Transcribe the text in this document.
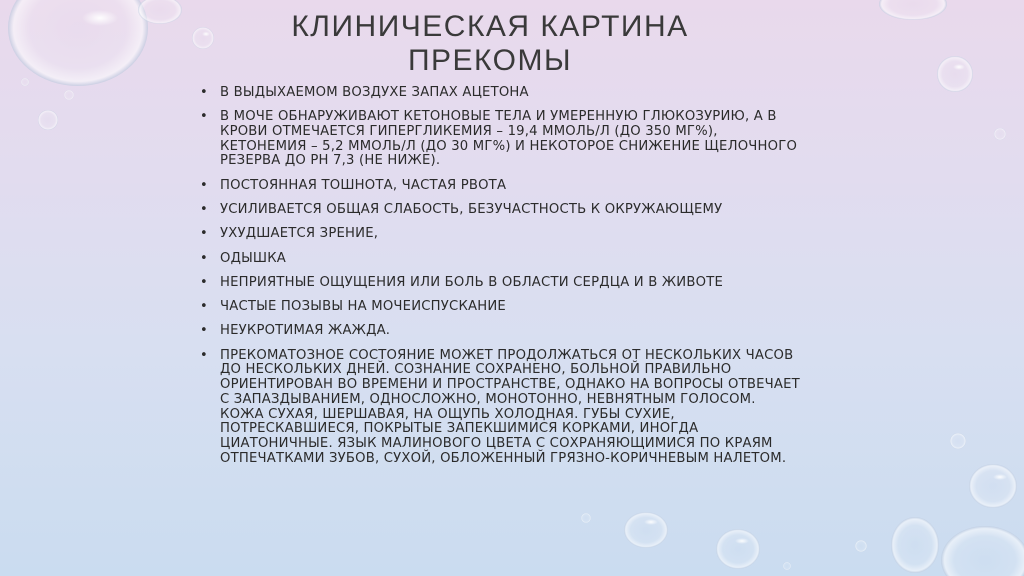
КЛИНИЧЕСКАЯ КАРТИНА
ПРЕКОМЫ
• В ВЫДЫХАЕМОМ ВОЗДУХЕ ЗАПАХ АЦЕТОНА
• В МОЧЕ ОБНАРУЖИВАЮТ КЕТОНОВЫЕ ТЕЛА И УМЕРЕННУЮ ГЛЮКОЗУРИЮ, А В КРОВИ ОТМЕЧАЕТСЯ ГИПЕРГЛИКЕМИЯ – 19,4 ММОЛЬ/Л (ДО 350 МГ%), КЕТОНЕМИЯ – 5,2 ММОЛЬ/Л (ДО 30 МГ%) И НЕКОТОРОЕ СНИЖЕНИЕ ЩЕЛОЧНОГО РЕЗЕРВА ДО PH 7,3 (НЕ НИЖЕ).
• ПОСТОЯННАЯ ТОШНОТА, ЧАСТАЯ РВОТА
• УСИЛИВАЕТСЯ ОБЩАЯ СЛАБОСТЬ, БЕЗУЧАСТНОСТЬ К ОКРУЖАЮЩЕМУ
• УХУДШАЕТСЯ ЗРЕНИЕ,
• ОДЫШКА
• НЕПРИЯТНЫЕ ОЩУЩЕНИЯ ИЛИ БОЛЬ В ОБЛАСТИ СЕРДЦА И В ЖИВОТЕ
• ЧАСТЫЕ ПОЗЫВЫ НА МОЧЕИСПУСКАНИЕ
• НЕУКРОТИМАЯ ЖАЖДА.
• ПРЕКОМАТОЗНОЕ СОСТОЯНИЕ МОЖЕТ ПРОДОЛЖАТЬСЯ ОТ НЕСКОЛЬКИХ ЧАСОВ ДО НЕСКОЛЬКИХ ДНЕЙ. СОЗНАНИЕ СОХРАНЕНО, БОЛЬНОЙ ПРАВИЛЬНО ОРИЕНТИРОВАН ВО ВРЕМЕНИ И ПРОСТРАНСТВЕ, ОДНАКО НА ВОПРОСЫ ОТВЕЧАЕТ С ЗАПАЗДЫВАНИЕМ, ОДНОСЛОЖНО, МОНОТОННО, НЕВНЯТНЫМ ГОЛОСОМ. КОЖА СУХАЯ, ШЕРШАВАЯ, НА ОЩУПЬ ХОЛОДНАЯ. ГУБЫ СУХИЕ, ПОТРЕСКАВШИЕСЯ, ПОКРЫТЫЕ ЗАПЕКШИМИСЯ КОРКАМИ, ИНОГДА ЦИАТОНИЧНЫЕ. ЯЗЫК МАЛИНОВОГО ЦВЕТА С СОХРАНЯЮЩИМИСЯ ПО КРАЯМ ОТПЕЧАТКАМИ ЗУБОВ, СУХОЙ, ОБЛОЖЕННЫЙ ГРЯЗНО-КОРИЧНЕВЫМ НАЛЕТОМ.
